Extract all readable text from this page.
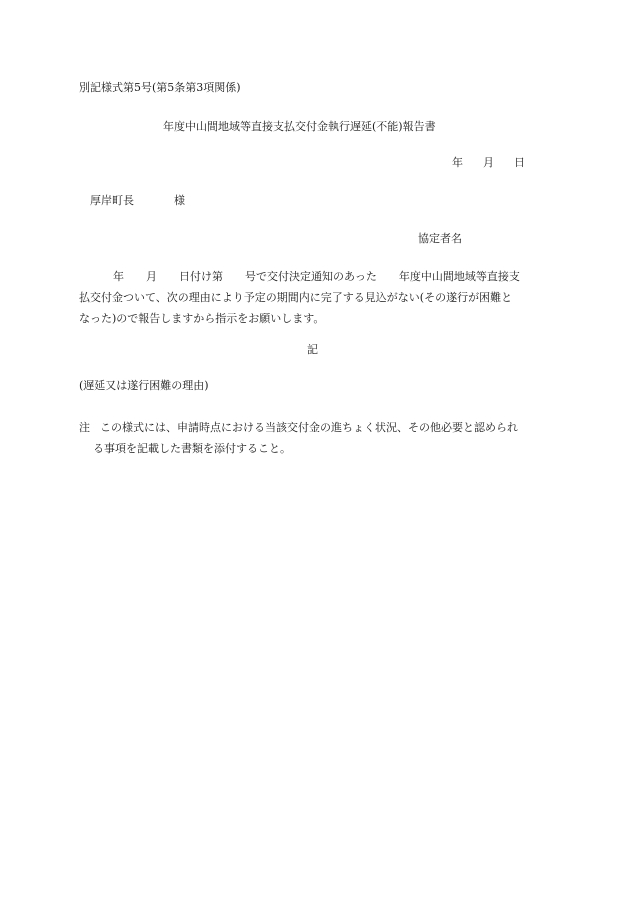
別記様式第5号(第5条第3項関係)
年度中山間地域等直接支払交付金執行遅延(不能)報告書
年 月 日
厚岸町長	様
協定者名
年 月 日付け第 号で交付決定通知のあった 年度中山間地域等直接支
払交付金ついて、次の理由により予定の期間内に完了する見込がない(その遂行が困難と
なった)ので報告しますから指示をお願いします。
記
(遅延又は遂行困難の理由)
注 この様式には、申請時点における当該交付金の進ちょく状況、その他必要と認められ
る事項を記載した書類を添付すること。
